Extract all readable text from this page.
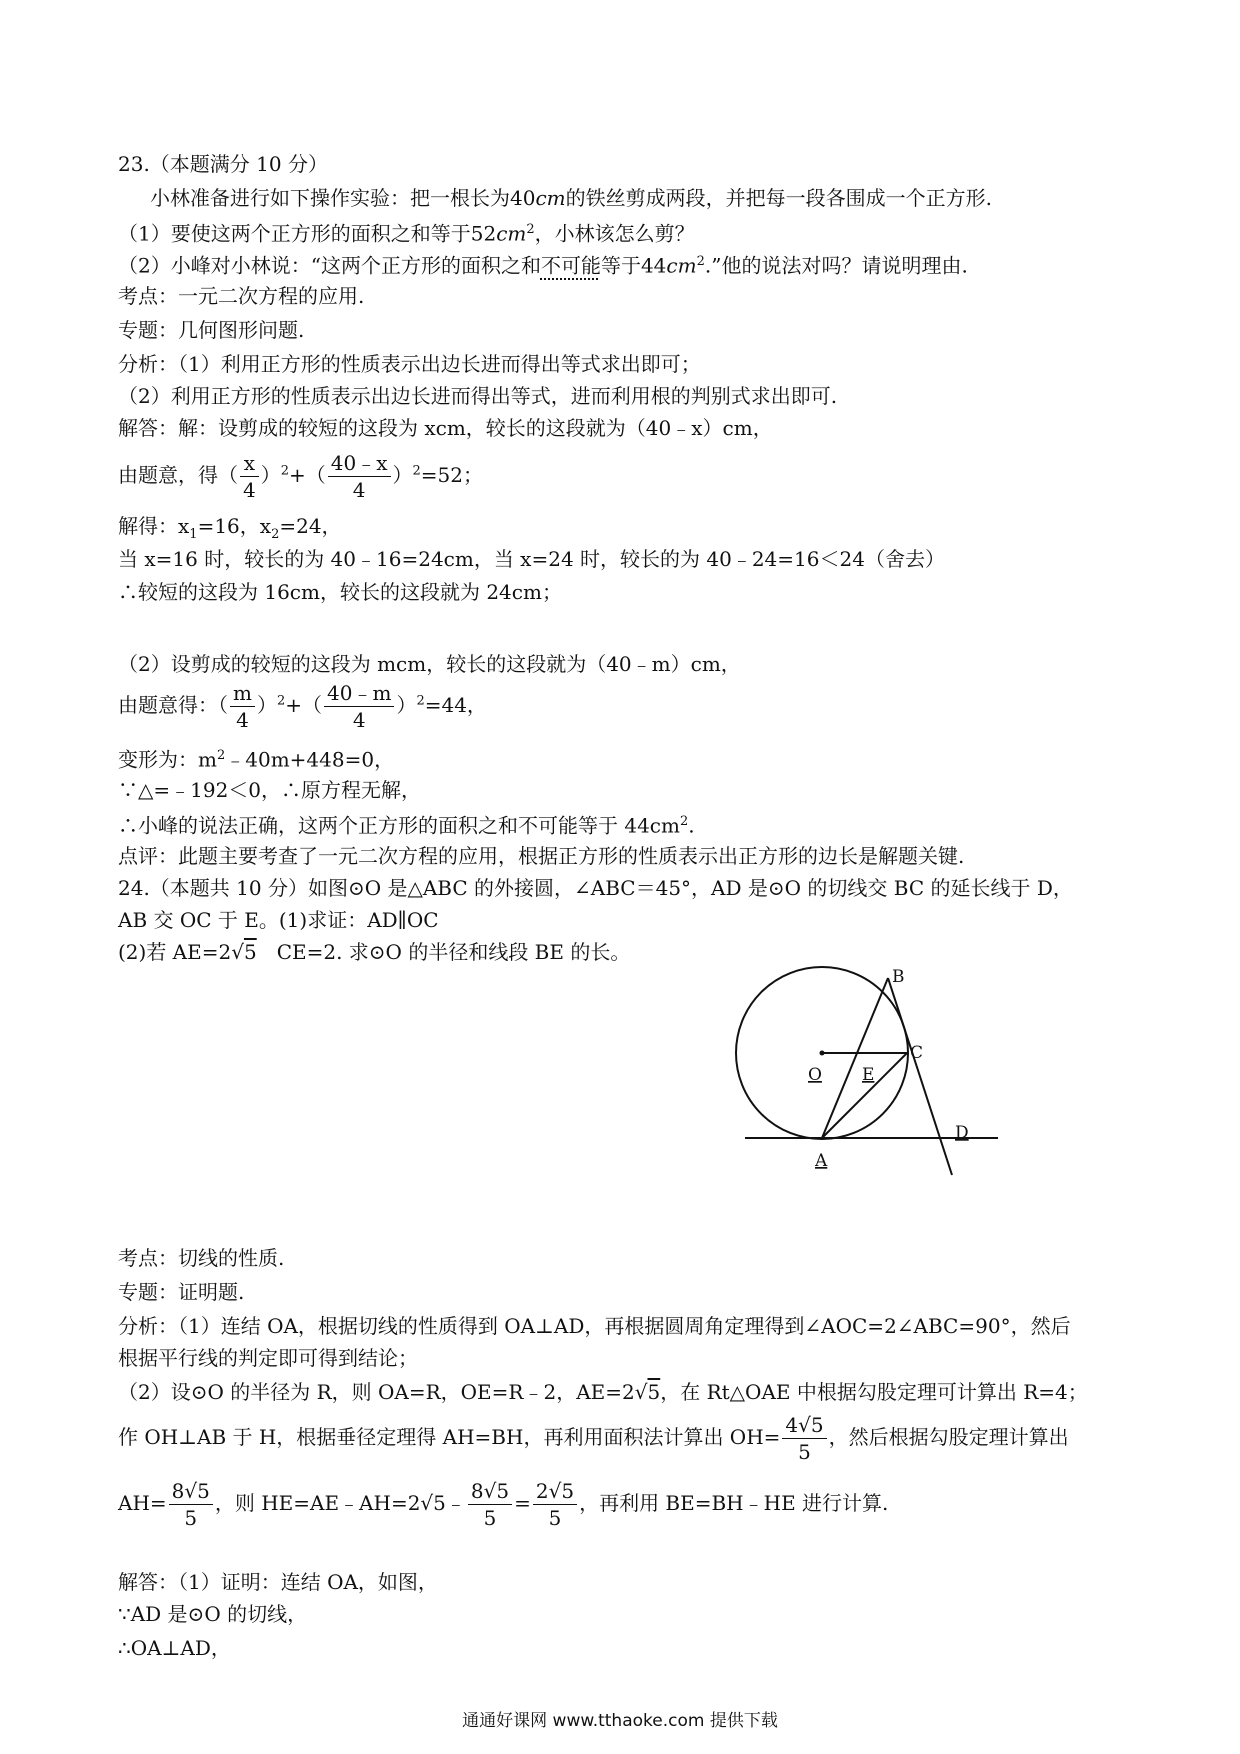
23.（本题满分 10 分）
小林准备进行如下操作实验：把一根长为40cm的铁丝剪成两段，并把每一段各围成一个正方形.
（1）要使这两个正方形的面积之和等于$52cm^2$，小林该怎么剪？
（2）小峰对小林说：“这两个正方形的面积之和不可能等于$44cm^2$.”他的说法对吗？请说明理由.
考点：一元二次方程的应用.
专题：几何图形问题.
分析：（1）利用正方形的性质表示出边长进而得出等式求出即可；
（2）利用正方形的性质表示出边长进而得出等式，进而利用根的判别式求出即可.
解答：解：设剪成的较短的这段为 xcm，较长的这段就为（40﹣x）cm，
由题意，得（ $\frac{x}{4} )^2+( \frac{40﹣x}{4} )^2=52$；
解得：$x_1=16$，$x_2=24$，
当 x=16 时，较长的为 40﹣16=24cm，当 x=24 时，较长的为 40﹣24=16＜24（舍去）
∴较短的这段为 16cm，较长的这段就为 24cm；
（2）设剪成的较短的这段为 mcm，较长的这段就为（40﹣m）cm，
由题意得：（ $\frac{m}{4} )^2+( \frac{40﹣m}{4} )^2=44$，
变形为：$m^2﹣40m+448=0$，
∵△=﹣192＜0，∴原方程无解，
∴小峰的说法正确，这两个正方形的面积之和不可能等于 $44cm^2$.
点评：此题主要考查了一元二次方程的应用，根据正方形的性质表示出正方形的边长是解题关键.
24.（本题共 10 分）如图⊙O 是△ABC 的外接圆，∠ABC＝45°，AD 是⊙O 的切线交 BC 的延长线于 D，
AB 交 OC 于 E。(1)求证：AD∥OC
(2)若 AE=2√5　CE=2. 求⊙O 的半径和线段 BE 的长。
B
O E
C
D
A
考点：切线的性质.
专题：证明题.
分析：（1）连结 OA，根据切线的性质得到 OA⊥AD，再根据圆周角定理得到∠AOC=2∠ABC=90°，然后
根据平行线的判定即可得到结论；
（2）设⊙O 的半径为 R，则 OA=R，OE=R﹣2，AE=2√5，在 Rt△OAE 中根据勾股定理可计算出 R=4；
作 OH⊥AB 于 H，根据垂径定理得 AH=BH，再利用面积法计算出 $OH= \frac{4√5}{5}$ ，然后根据勾股定理计算出
$AH= \frac{8√5}{5}$ ，则 HE=AE﹣AH=2√5﹣ $\frac{8√5}{5} = \frac{2√5}{5}$ ，再利用 BE=BH﹣HE 进行计算.
解答：（1）证明：连结 OA，如图，
∵AD 是⊙O 的切线，
∴OA⊥AD，
通通好课网 www.tthaoke.com 提供下载
